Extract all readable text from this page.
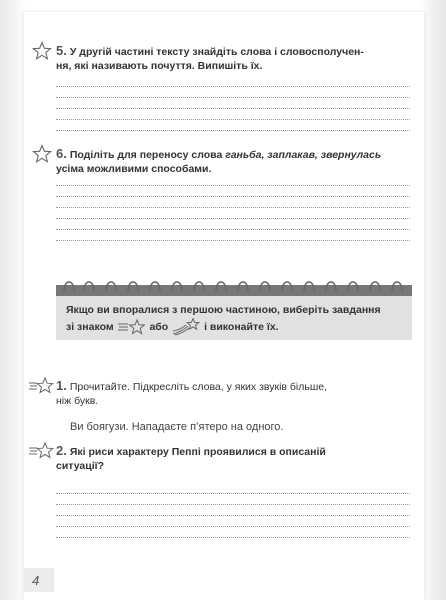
5. У другій частині тексту знайдіть слова і словосполучен-
ня, які називають почуття. Випишіть їх.
6. Поділіть для переносу слова ганьба, заплакав, звернулась
усіма можливими способами.
Якщо ви впоралися з першою частиною, виберіть завдання
зі знаком	або	і виконайте їх.
1. Прочитайте. Підкресліть слова, у яких звуків більше,
ніж букв.
Ви боягузи. Нападаєте п’ятеро на одного.
2. Які риси характеру Пеппі проявилися в описаній
ситуації?
4
